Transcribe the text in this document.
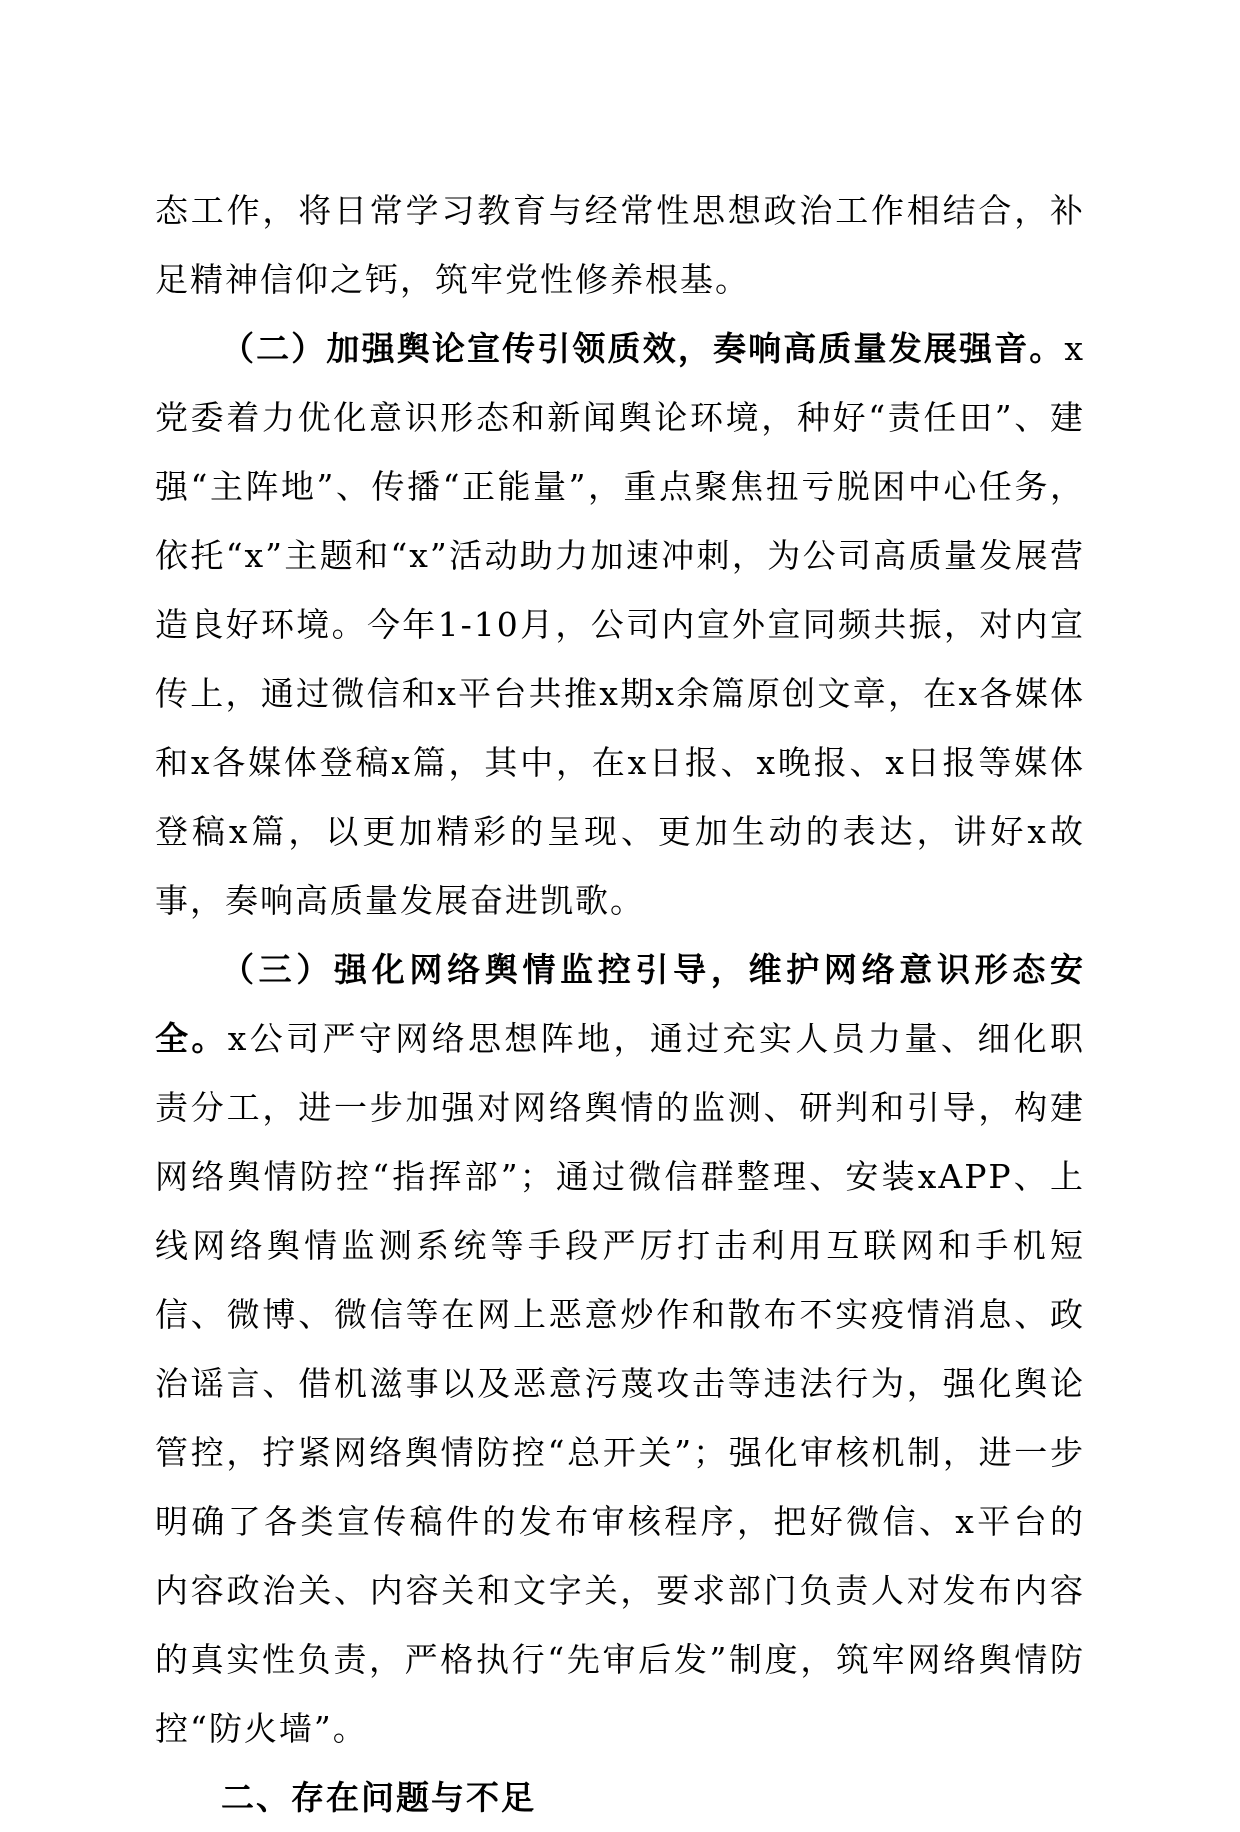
态工作，将日常学习教育与经常性思想政治工作相结合，补足精神信仰之钙，筑牢党性修养根基。

（二）加强舆论宣传引领质效，奏响高质量发展强音。x党委着力优化意识形态和新闻舆论环境，种好“责任田”、建强“主阵地”、传播“正能量”，重点聚焦扭亏脱困中心任务，依托“x”主题和“x”活动助力加速冲刺，为公司高质量发展营造良好环境。今年1-10月，公司内宣外宣同频共振，对内宣传上，通过微信和x平台共推x期x余篇原创文章，在x各媒体和x各媒体登稿x篇，其中，在x日报、x晚报、x日报等媒体登稿x篇，以更加精彩的呈现、更加生动的表达，讲好x故事，奏响高质量发展奋进凯歌。

（三）强化网络舆情监控引导，维护网络意识形态安全。x公司严守网络思想阵地，通过充实人员力量、细化职责分工，进一步加强对网络舆情的监测、研判和引导，构建网络舆情防控“指挥部”；通过微信群整理、安装xAPP、上线网络舆情监测系统等手段严厉打击利用互联网和手机短信、微博、微信等在网上恶意炒作和散布不实疫情消息、政治谣言、借机滋事以及恶意污蔑攻击等违法行为，强化舆论管控，拧紧网络舆情防控“总开关”；强化审核机制，进一步明确了各类宣传稿件的发布审核程序，把好微信、x平台的内容政治关、内容关和文字关，要求部门负责人对发布内容的真实性负责，严格执行“先审后发”制度，筑牢网络舆情防控“防火墙”。

二、存在问题与不足
